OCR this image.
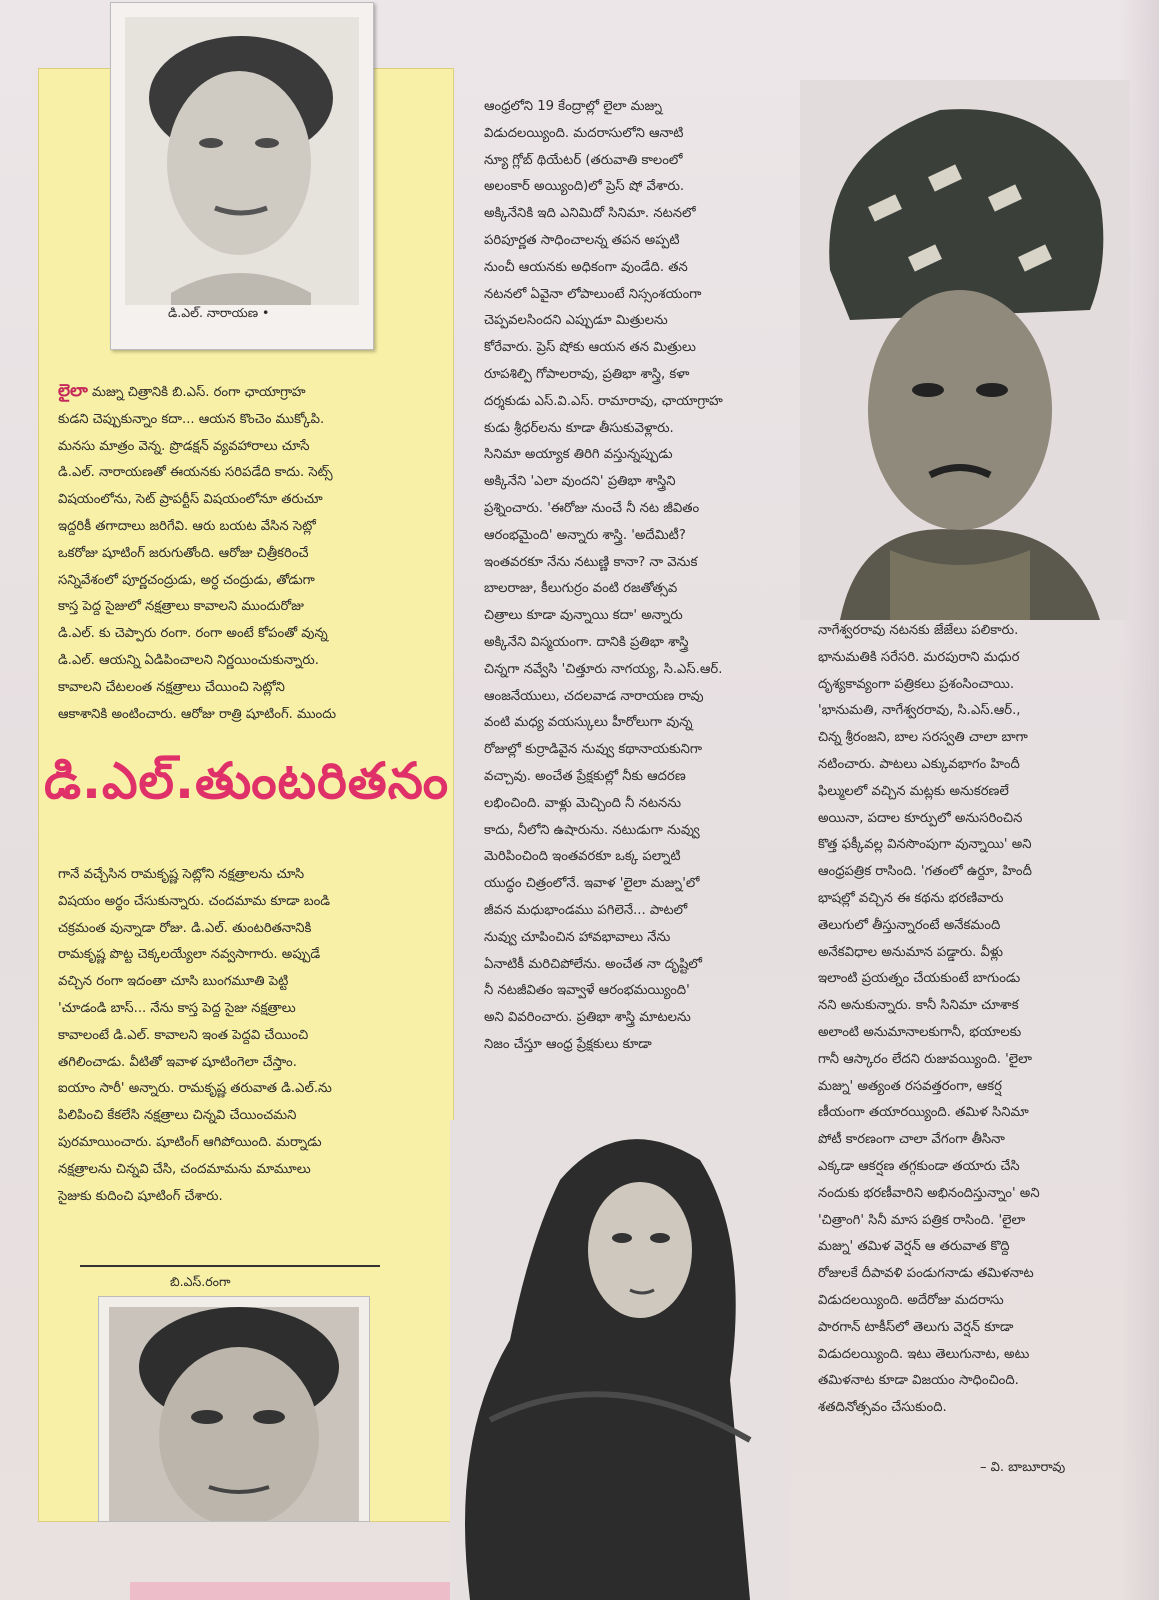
డి.ఎల్. నారాయణ •

లైలా మజ్ను చిత్రానికి బి.ఎస్. రంగా ఛాయాగ్రాహ
కుడని చెప్పుకున్నాం కదా... ఆయన కొంచెం ముక్కోపి.
మనసు మాత్రం వెన్న. ప్రొడక్షన్ వ్యవహారాలు చూసే
డి.ఎల్. నారాయణతో ఈయనకు సరిపడేది కాదు. సెట్స్
విషయంలోను, సెట్ ప్రాపర్టీస్ విషయంలోనూ తరుచూ
ఇద్దరికీ తగాదాలు జరిగేవి. ఆరు బయట వేసిన సెట్లో
ఒకరోజు షూటింగ్ జరుగుతోంది. ఆరోజు చిత్రీకరించే
సన్నివేశంలో పూర్ణచంద్రుడు, అర్ధ చంద్రుడు, తోడుగా
కాస్త పెద్ద సైజులో నక్షత్రాలు కావాలని ముందురోజు
డి.ఎల్. కు చెప్పారు రంగా. రంగా అంటే కోపంతో వున్న
డి.ఎల్. ఆయన్ని ఏడిపించాలని నిర్ణయించుకున్నారు.
కావాలని చేటలంత నక్షత్రాలు చేయించి సెట్లోని
ఆకాశానికి అంటించారు. ఆరోజు రాత్రి షూటింగ్. ముందు

డి.ఎల్.తుంటరితనం

గానే వచ్చేసిన రామకృష్ణ సెట్లోని నక్షత్రాలను చూసి
విషయం అర్థం చేసుకున్నారు. చందమామ కూడా బండి
చక్రమంత వున్నాడా రోజు. డి.ఎల్. తుంటరితనానికి
రామకృష్ణ పొట్ట చెక్కలయ్యేలా నవ్వసాగారు. అప్పుడే
వచ్చిన రంగా ఇదంతా చూసి బుంగమూతి పెట్టి
'చూడండి బాస్... నేను కాస్త పెద్ద సైజు నక్షత్రాలు
కావాలంటే డి.ఎల్. కావాలని ఇంత పెద్దవి చేయించి
తగిలించాడు. వీటితో ఇవాళ షూటింగెలా చేస్తాం.
ఐయాం సారీ' అన్నారు. రామకృష్ణ తరువాత డి.ఎల్.ను
పిలిపించి కేకలేసి నక్షత్రాలు చిన్నవి చేయించమని
పురమాయించారు. షూటింగ్ ఆగిపోయింది. మర్నాడు
నక్షత్రాలను చిన్నవి చేసి, చందమామను మామూలు
సైజుకు కుదించి షూటింగ్ చేశారు.

బి.ఎస్.రంగా

ఆంధ్రలోని 19 కేంద్రాల్లో లైలా మజ్ను
విడుదలయ్యింది. మదరాసులోని ఆనాటి
న్యూ గ్లోబ్ థియేటర్ (తరువాతి కాలంలో
అలంకార్ అయ్యింది)లో ప్రెస్ షో వేశారు.
అక్కినేనికి ఇది ఎనిమిదో సినిమా. నటనలో
పరిపూర్ణత సాధించాలన్న తపన అప్పటి
నుంచీ ఆయనకు అధికంగా వుండేది. తన
నటనలో ఏవైనా లోపాలుంటే నిస్సంశయంగా
చెప్పవలసిందని ఎప్పుడూ మిత్రులను
కోరేవారు. ప్రెస్ షోకు ఆయన తన మిత్రులు
రూపశిల్పి గోపాలరావు, ప్రతిభా శాస్త్రి, కళా
దర్శకుడు ఎస్.వి.ఎస్. రామారావు, ఛాయాగ్రాహ
కుడు శ్రీధర్‌లను కూడా తీసుకువెళ్లారు.
సినిమా అయ్యాక తిరిగి వస్తున్నప్పుడు
అక్కినేని 'ఎలా వుందని' ప్రతిభా శాస్త్రిని
ప్రశ్నించారు. 'ఈరోజు నుంచే నీ నట జీవితం
ఆరంభమైంది' అన్నారు శాస్త్రి. 'అదేమిటీ?
ఇంతవరకూ నేను నటుణ్ణి కానా? నా వెనుక
బాలరాజు, కీలుగుర్రం వంటి రజతోత్సవ
చిత్రాలు కూడా వున్నాయి కదా' అన్నారు
అక్కినేని విస్మయంగా. దానికి ప్రతిభా శాస్త్రి
చిన్నగా నవ్వేసి 'చిత్తూరు నాగయ్య, సి.ఎస్.ఆర్.
ఆంజనేయులు, చదలవాడ నారాయణ రావు
వంటి మధ్య వయస్కులు హీరోలుగా వున్న
రోజుల్లో కుర్రాడివైన నువ్వు కథానాయకునిగా
వచ్చావు. అంచేత ప్రేక్షకుల్లో నీకు ఆదరణ
లభించింది. వాళ్లు మెచ్చింది నీ నటనను
కాదు, నీలోని ఉషారును. నటుడుగా నువ్వు
మెరిపించింది ఇంతవరకూ ఒక్క పల్నాటి
యుద్ధం చిత్రంలోనే. ఇవాళ 'లైలా మజ్ను'లో
జీవన మధుభాండము పగిలెనే... పాటలో
నువ్వు చూపించిన హావభావాలు నేను
ఏనాటికీ మరిచిపోలేను. అంచేత నా దృష్టిలో
నీ నటజీవితం ఇవ్వాళే ఆరంభమయ్యింది'
అని వివరించారు. ప్రతిభా శాస్త్రి మాటలను
నిజం చేస్తూ ఆంధ్ర ప్రేక్షకులు కూడా

నాగేశ్వరరావు నటనకు జేజేలు పలికారు.
భానుమతికి సరేసరి. మరపురాని మధుర
దృశ్యకావ్యంగా పత్రికలు ప్రశంసించాయి.
'భానుమతి, నాగేశ్వరరావు, సి.ఎస్.ఆర్.,
చిన్న శ్రీరంజని, బాల సరస్వతి చాలా బాగా
నటించారు. పాటలు ఎక్కువభాగం హిందీ
ఫిల్ములలో వచ్చిన మట్లకు అనుకరణలే
అయినా, పదాల కూర్పులో అనుసరించిన
కొత్త ఫక్కీవల్ల వినసొంపుగా వున్నాయి' అని
ఆంధ్రపత్రిక రాసింది. 'గతంలో ఉర్దూ, హిందీ
భాషల్లో వచ్చిన ఈ కథను భరణివారు
తెలుగులో తీస్తున్నారంటే అనేకమంది
అనేకవిధాల అనుమాన పడ్డారు. వీళ్లు
ఇలాంటి ప్రయత్నం చేయకుంటే బాగుండు
నని అనుకున్నారు. కానీ సినిమా చూశాక
అలాంటి అనుమానాలకుగానీ, భయాలకు
గానీ ఆస్కారం లేదని రుజువయ్యింది. 'లైలా
మజ్ను' అత్యంత రసవత్తరంగా, ఆకర్ష
ణీయంగా తయారయ్యింది. తమిళ సినిమా
పోటీ కారణంగా చాలా వేగంగా తీసినా
ఎక్కడా ఆకర్షణ తగ్గకుండా తయారు చేసి
నందుకు భరణీవారిని అభినందిస్తున్నాం' అని
'చిత్రాంగి' సినీ మాస పత్రిక రాసింది. 'లైలా
మజ్ను' తమిళ వెర్షన్ ఆ తరువాత కొద్ది
రోజులకే దీపావళి పండుగనాడు తమిళనాట
విడుదలయ్యింది. అదేరోజు మదరాసు
పారగాన్ టాకీస్‌లో తెలుగు వెర్షన్ కూడా
విడుదలయ్యింది. ఇటు తెలుగునాట, అటు
తమిళనాట కూడా విజయం సాధించింది.
శతదినోత్సవం చేసుకుంది.

– వి. బాబూరావు
